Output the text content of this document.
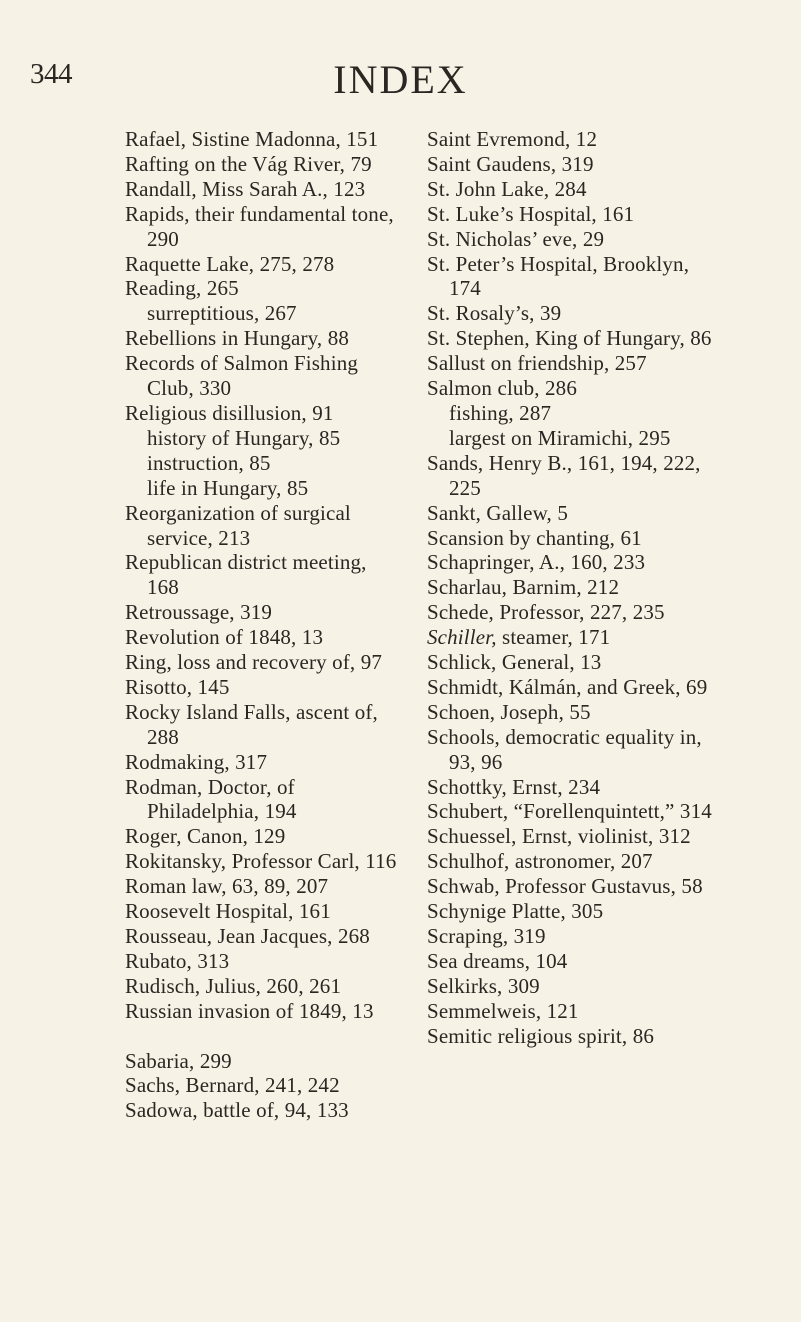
344	INDEX
Rafael, Sistine Madonna, 151
Rafting on the Vág River, 79
Randall, Miss Sarah A., 123
Rapids, their fundamental tone, 290
Raquette Lake, 275, 278
Reading, 265
surreptitious, 267
Rebellions in Hungary, 88
Records of Salmon Fishing Club, 330
Religious disillusion, 91
history of Hungary, 85
instruction, 85
life in Hungary, 85
Reorganization of surgical service, 213
Republican district meeting, 168
Retroussage, 319
Revolution of 1848, 13
Ring, loss and recovery of, 97
Risotto, 145
Rocky Island Falls, ascent of, 288
Rodmaking, 317
Rodman, Doctor, of Philadelphia, 194
Roger, Canon, 129
Rokitansky, Professor Carl, 116
Roman law, 63, 89, 207
Roosevelt Hospital, 161
Rousseau, Jean Jacques, 268
Rubato, 313
Rudisch, Julius, 260, 261
Russian invasion of 1849, 13
Sabaria, 299
Sachs, Bernard, 241, 242
Sadowa, battle of, 94, 133
Saint Evremond, 12
Saint Gaudens, 319
St. John Lake, 284
St. Luke’s Hospital, 161
St. Nicholas’ eve, 29
St. Peter’s Hospital, Brooklyn, 174
St. Rosaly’s, 39
St. Stephen, King of Hungary, 86
Sallust on friendship, 257
Salmon club, 286
fishing, 287
largest on Miramichi, 295
Sands, Henry B., 161, 194, 222, 225
Sankt, Gallew, 5
Scansion by chanting, 61
Schapringer, A., 160, 233
Scharlau, Barnim, 212
Schede, Professor, 227, 235
Schiller, steamer, 171
Schlick, General, 13
Schmidt, Kálmán, and Greek, 69
Schoen, Joseph, 55
Schools, democratic equality in, 93, 96
Schottky, Ernst, 234
Schubert, “Forellenquintett,” 314
Schuessel, Ernst, violinist, 312
Schulhof, astronomer, 207
Schwab, Professor Gustavus, 58
Schynige Platte, 305
Scraping, 319
Sea dreams, 104
Selkirks, 309
Semmelweis, 121
Semitic religious spirit, 86
